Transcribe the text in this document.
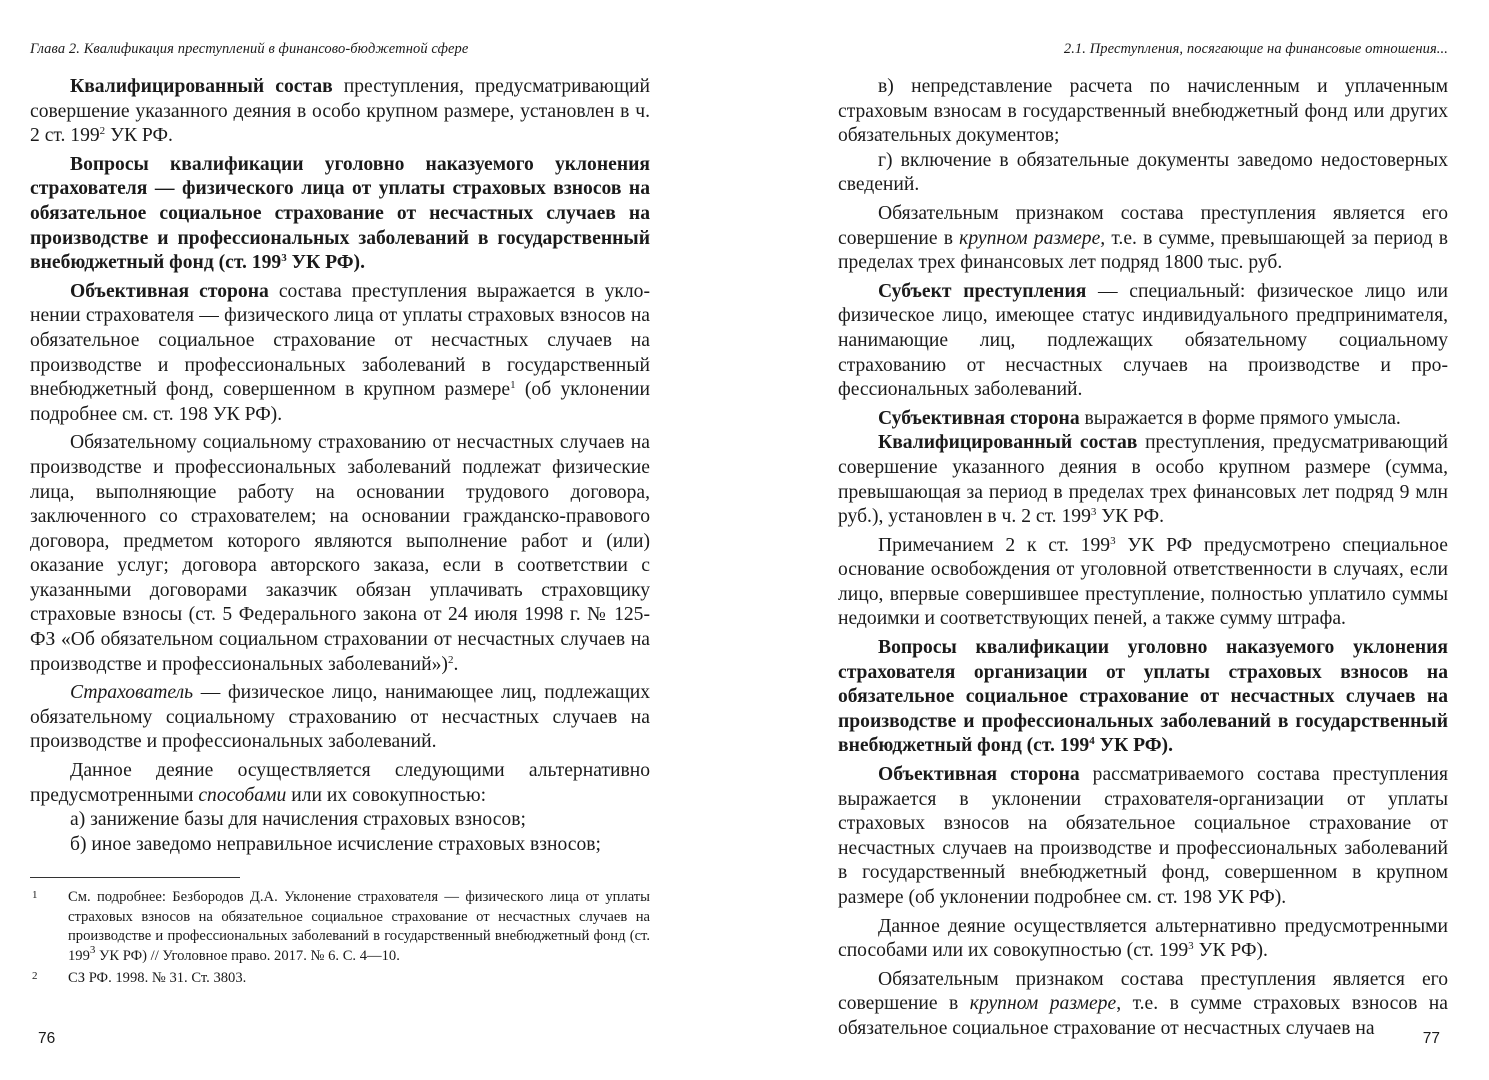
Глава 2. Квалификация преступлений в финансово-бюджетной сфере

Квалифицированный состав преступления, предусматривающий совершение указанного деяния в особо крупном размере, установлен в ч. 2 ст. $199^2$ УК РФ.

Вопросы квалификации уголовно наказуемого уклонения страхователя — физического лица от уплаты страховых взносов на обязательное социальное страхование от несчастных случаев на производстве и профессиональных заболеваний в государственный внебюджетный фонд (ст. $199^3$ УК РФ).

Объективная сторона состава преступления выражается в уклонении страхователя — физического лица от уплаты страховых взносов на обязательное социальное страхование от несчастных случаев на производстве и профессиональных заболеваний в государственный внебюджетный фонд, совершенном в крупном размере$^1$ (об уклонении подробнее см. ст. 198 УК РФ).

Обязательному социальному страхованию от несчастных случаев на производстве и профессиональных заболеваний подлежат физические лица, выполняющие работу на основании трудового договора, заключенного со страхователем; на основании гражданско-правового договора, предметом которого являются выполнение работ и (или) оказание услуг; договора авторского заказа, если в соответствии с указанными договорами заказчик обязан уплачивать страховщику страховые взносы (ст. 5 Федерального закона от 24 июля 1998 г. № 125-ФЗ «Об обязательном социальном страховании от несчастных случаев на производстве и профессиональных заболеваний»)$^2$.

Страхователь — физическое лицо, нанимающее лиц, подлежащих обязательному социальному страхованию от несчастных случаев на производстве и профессиональных заболеваний.

Данное деяние осуществляется следующими альтернативно предусмотренными способами или их совокупностью:

а) занижение базы для начисления страховых взносов;

б) иное заведомо неправильное исчисление страховых взносов;

1 См. подробнее: Безбородов Д.А. Уклонение страхователя — физического лица от уплаты страховых взносов на обязательное социальное страхование от несчастных случаев на производстве и профессиональных заболеваний в государственный внебюджетный фонд (ст. $199^3$ УК РФ) // Уголовное право. 2017. № 6. С. 4—10.
2 СЗ РФ. 1998. № 31. Ст. 3803.
76
2.1. Преступления, посягающие на финансовые отношения...

в) непредставление расчета по начисленным и уплаченным страховым взносам в государственный внебюджетный фонд или других обязательных документов;

г) включение в обязательные документы заведомо недостоверных сведений.

Обязательным признаком состава преступления является его совершение в крупном размере, т.е. в сумме, превышающей за период в пределах трех финансовых лет подряд 1800 тыс. руб.

Субъект преступления — специальный: физическое лицо или физическое лицо, имеющее статус индивидуального предпринимателя, нанимающие лиц, подлежащих обязательному социальному страхованию от несчастных случаев на производстве и профессиональных заболеваний.

Субъективная сторона выражается в форме прямого умысла.

Квалифицированный состав преступления, предусматривающий совершение указанного деяния в особо крупном размере (сумма, превышающая за период в пределах трех финансовых лет подряд 9 млн руб.), установлен в ч. 2 ст. $199^3$ УК РФ.

Примечанием 2 к ст. $199^3$ УК РФ предусмотрено специальное основание освобождения от уголовной ответственности в случаях, если лицо, впервые совершившее преступление, полностью уплатило суммы недоимки и соответствующих пеней, а также сумму штрафа.

Вопросы квалификации уголовно наказуемого уклонения страхователя организации от уплаты страховых взносов на обязательное социальное страхование от несчастных случаев на производстве и профессиональных заболеваний в государственный внебюджетный фонд (ст. $199^4$ УК РФ).

Объективная сторона рассматриваемого состава преступления выражается в уклонении страхователя-организации от уплаты страховых взносов на обязательное социальное страхование от несчастных случаев на производстве и профессиональных заболеваний в государственный внебюджетный фонд, совершенном в крупном размере (об уклонении подробнее см. ст. 198 УК РФ).

Данное деяние осуществляется альтернативно предусмотренными способами или их совокупностью (ст. $199^3$ УК РФ).

Обязательным признаком состава преступления является его совершение в крупном размере, т.е. в сумме страховых взносов на обязательное социальное страхование от несчастных случаев на	77
